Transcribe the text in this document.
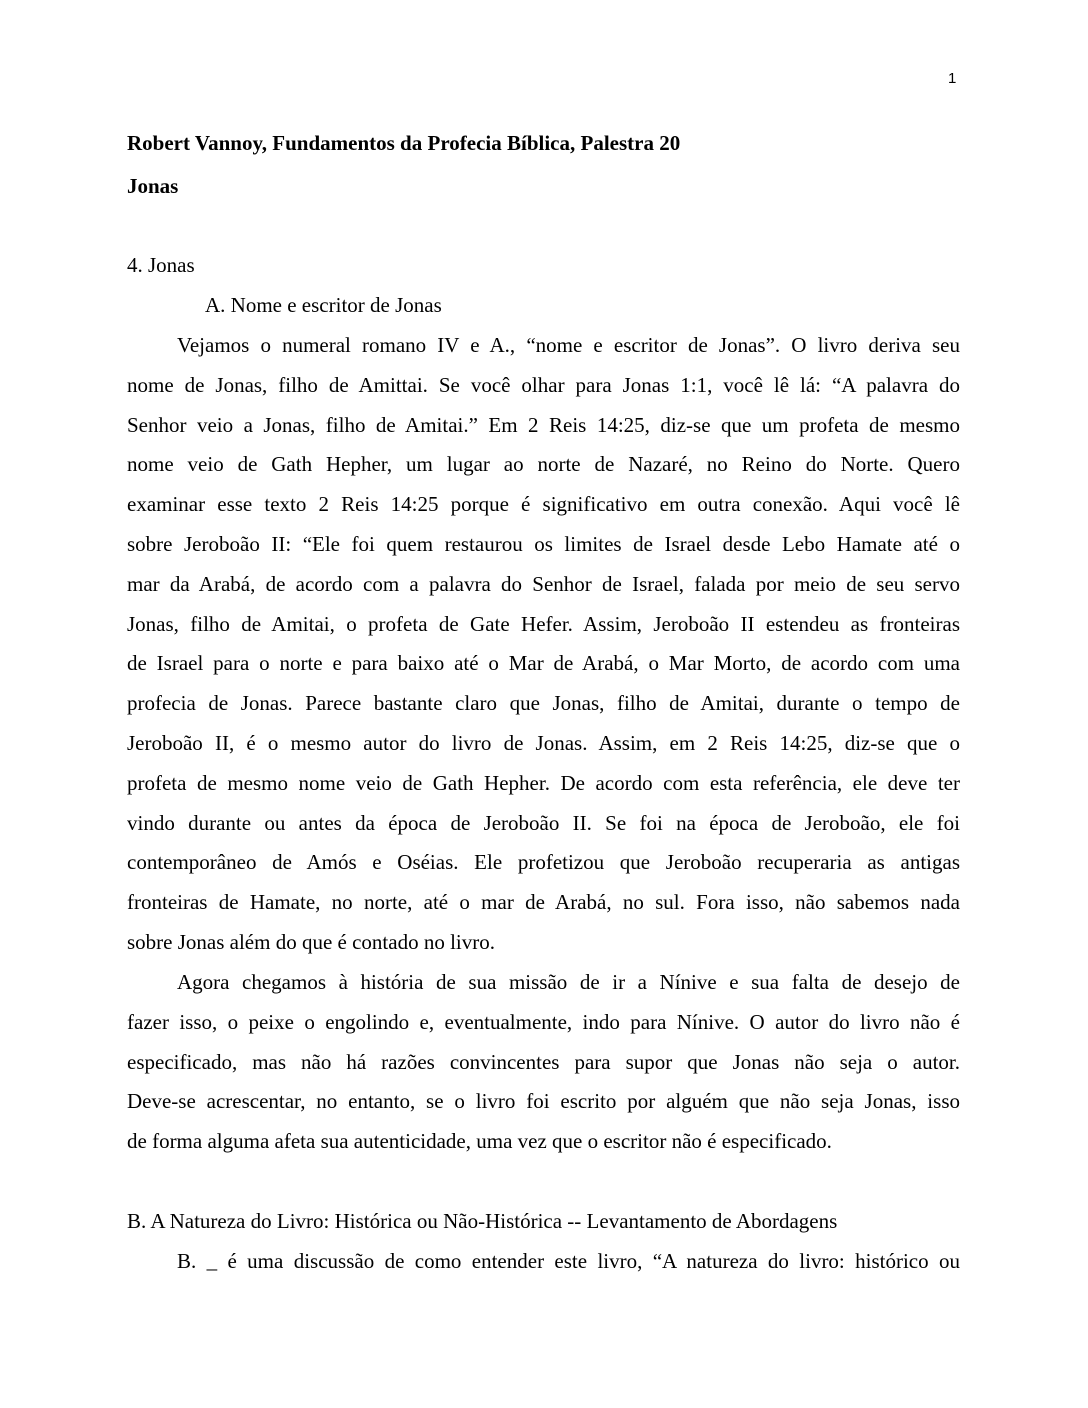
1
Robert Vannoy, Fundamentos da Profecia Bíblica, Palestra 20
Jonas
4. Jonas
A. Nome e escritor de Jonas
Vejamos o numeral romano IV e A., “nome e escritor de Jonas”. O livro deriva seu
nome de Jonas, filho de Amittai. Se você olhar para Jonas 1:1, você lê lá: “A palavra do
Senhor veio a Jonas, filho de Amitai.” Em 2 Reis 14:25, diz-se que um profeta de mesmo
nome veio de Gath Hepher, um lugar ao norte de Nazaré, no Reino do Norte. Quero
examinar esse texto 2 Reis 14:25 porque é significativo em outra conexão. Aqui você lê
sobre Jeroboão II: “Ele foi quem restaurou os limites de Israel desde Lebo Hamate até o
mar da Arabá, de acordo com a palavra do Senhor de Israel, falada por meio de seu servo
Jonas, filho de Amitai, o profeta de Gate Hefer. Assim, Jeroboão II estendeu as fronteiras
de Israel para o norte e para baixo até o Mar de Arabá, o Mar Morto, de acordo com uma
profecia de Jonas. Parece bastante claro que Jonas, filho de Amitai, durante o tempo de
Jeroboão II, é o mesmo autor do livro de Jonas. Assim, em 2 Reis 14:25, diz-se que o
profeta de mesmo nome veio de Gath Hepher. De acordo com esta referência, ele deve ter
vindo durante ou antes da época de Jeroboão II. Se foi na época de Jeroboão, ele foi
contemporâneo de Amós e Oséias. Ele profetizou que Jeroboão recuperaria as antigas
fronteiras de Hamate, no norte, até o mar de Arabá, no sul. Fora isso, não sabemos nada
sobre Jonas além do que é contado no livro.
Agora chegamos à história de sua missão de ir a Nínive e sua falta de desejo de
fazer isso, o peixe o engolindo e, eventualmente, indo para Nínive. O autor do livro não é
especificado, mas não há razões convincentes para supor que Jonas não seja o autor.
Deve-se acrescentar, no entanto, se o livro foi escrito por alguém que não seja Jonas, isso
de forma alguma afeta sua autenticidade, uma vez que o escritor não é especificado.
B. A Natureza do Livro: Histórica ou Não-Histórica -- Levantamento de Abordagens
B. _ é uma discussão de como entender este livro, “A natureza do livro: histórico ou
